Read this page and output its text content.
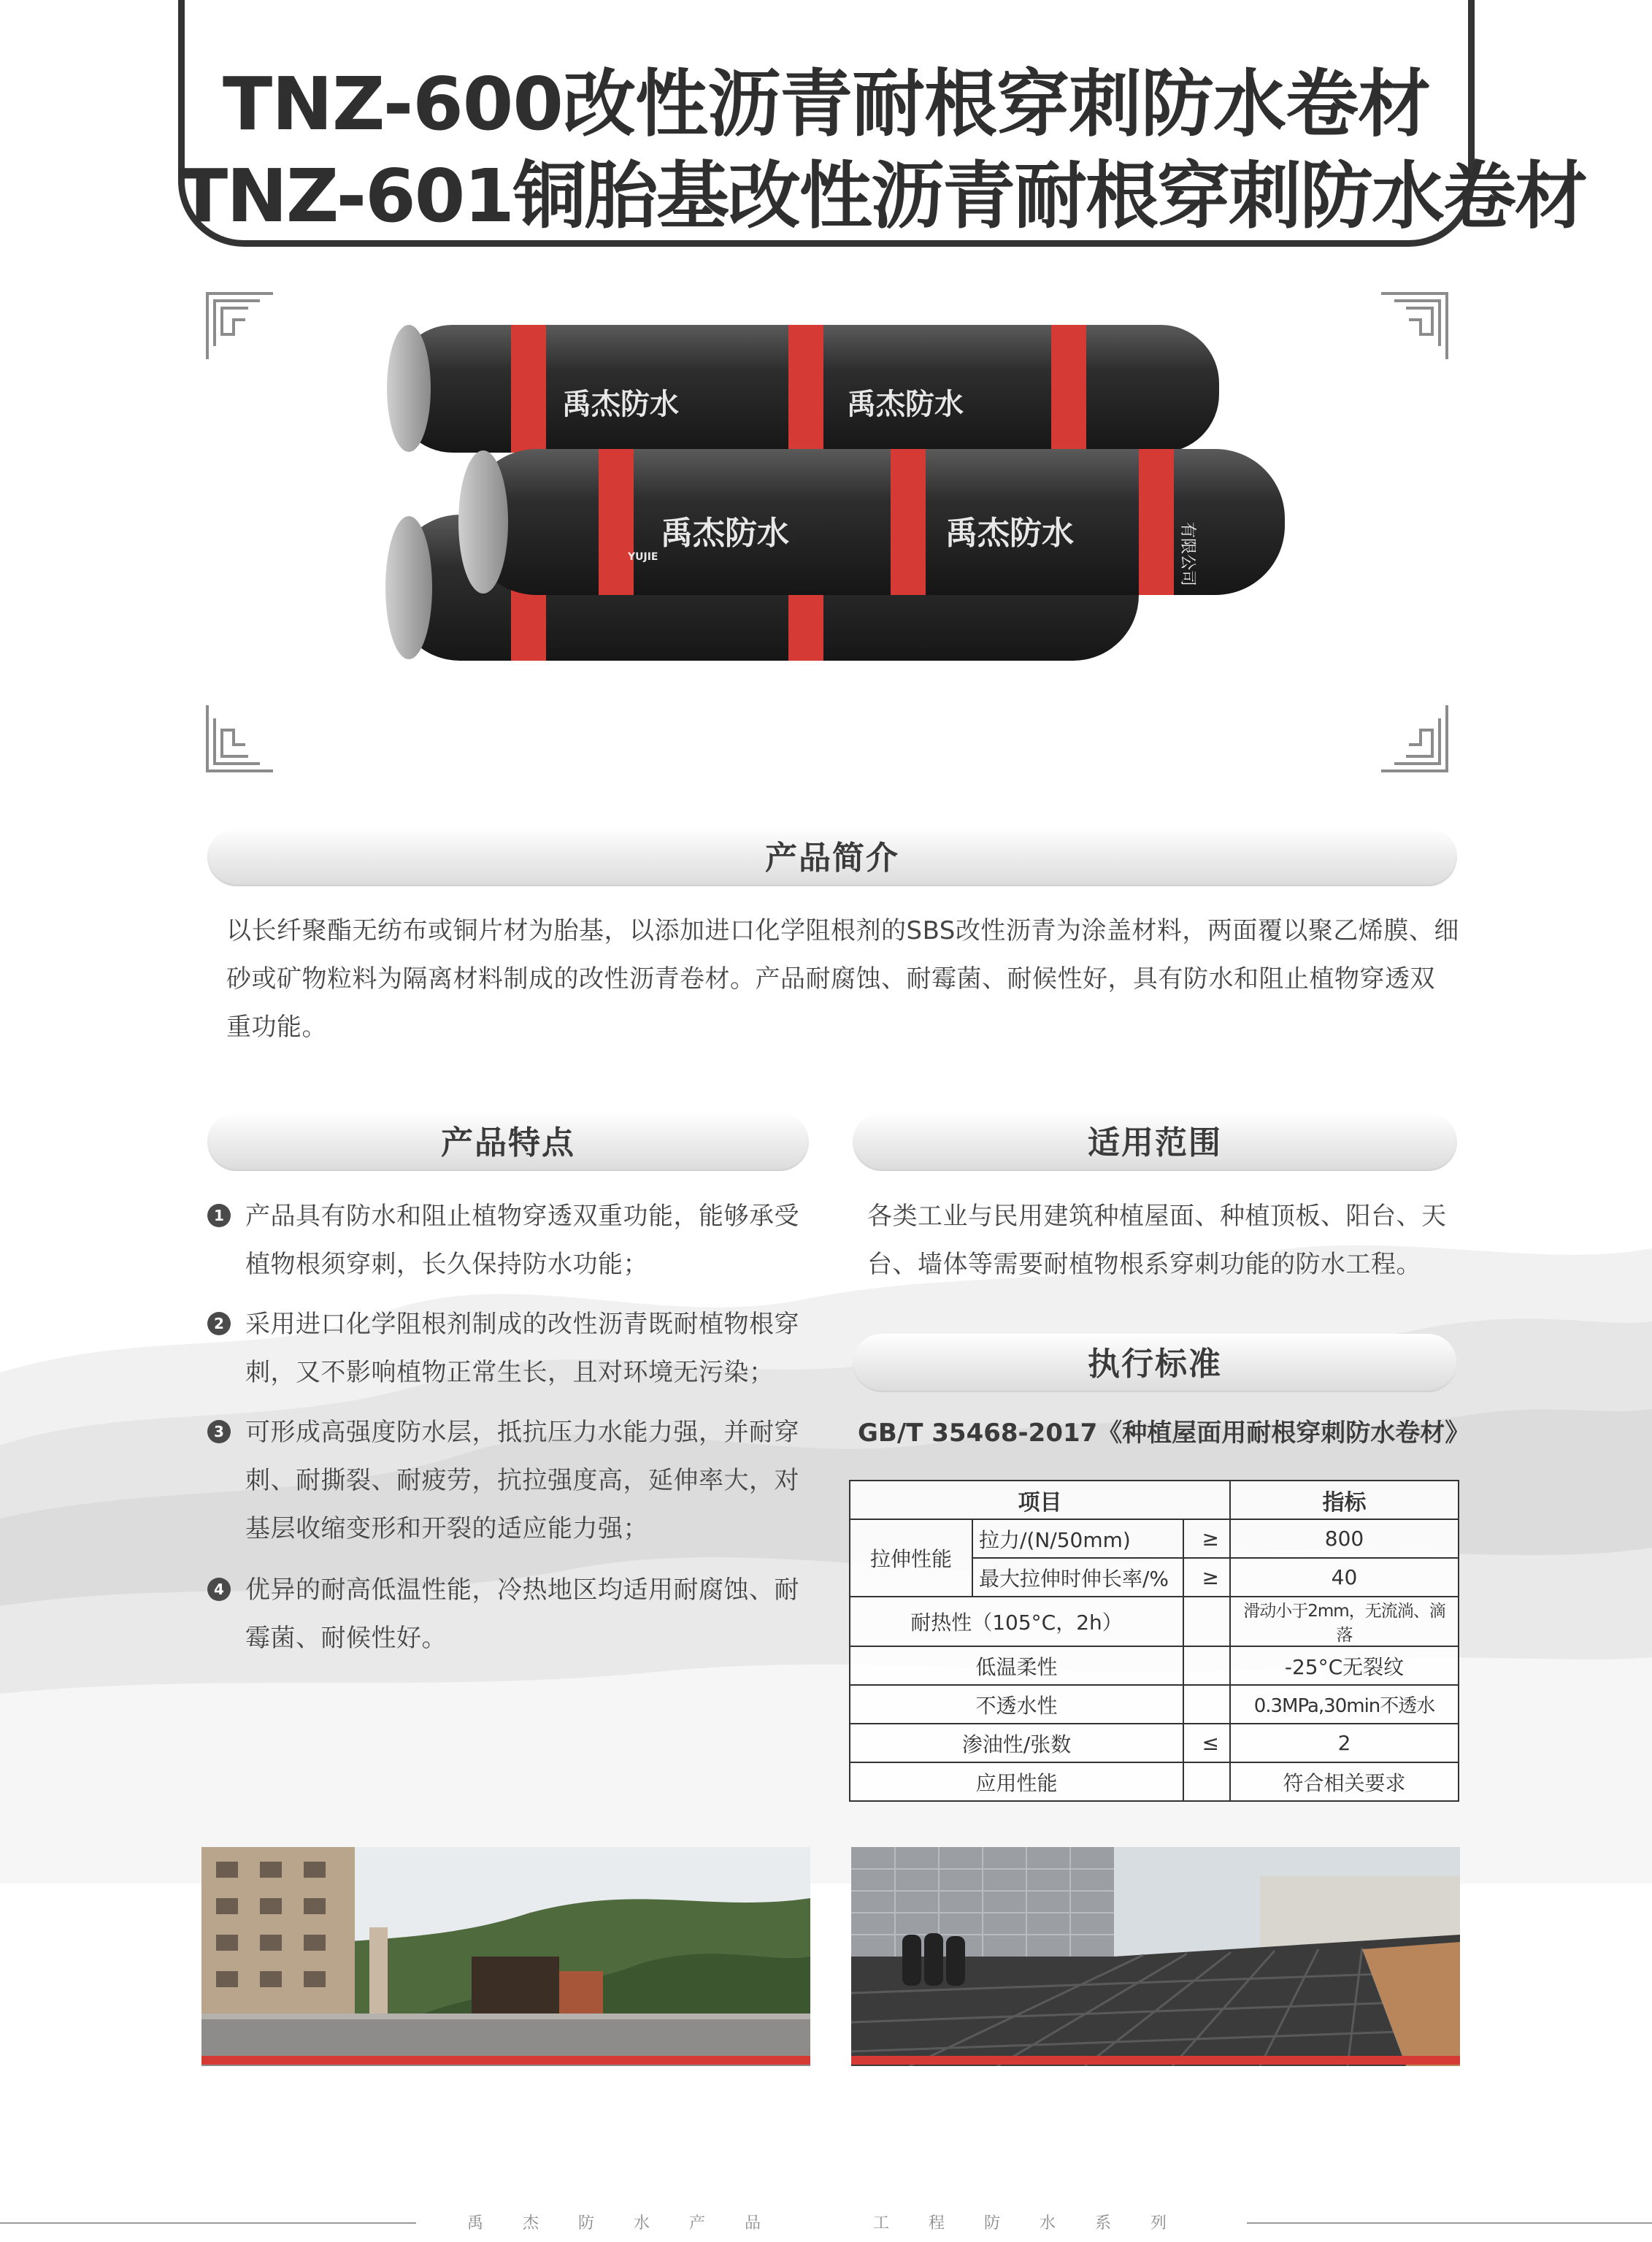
TNZ-600改性沥青耐根穿刺防水卷材
TNZ-601铜胎基改性沥青耐根穿刺防水卷材
禹杰防水	禹杰防水
禹杰防水	禹杰防水
YUJIE	有限公司
产品简介
以长纤聚酯无纺布或铜片材为胎基，以添加进口化学阻根剂的SBS改性沥青为涂盖材料，两面覆以聚乙烯膜、细砂或矿物粒料为隔离材料制成的改性沥青卷材。产品耐腐蚀、耐霉菌、耐候性好，具有防水和阻止植物穿透双重功能。
产品特点
1 产品具有防水和阻止植物穿透双重功能，能够承受植物根须穿刺，长久保持防水功能；
2 采用进口化学阻根剂制成的改性沥青既耐植物根穿刺，又不影响植物正常生长，且对环境无污染；
3 可形成高强度防水层，抵抗压力水能力强，并耐穿刺、耐撕裂、耐疲劳，抗拉强度高，延伸率大，对基层收缩变形和开裂的适应能力强；
4 优异的耐高低温性能，冷热地区均适用耐腐蚀、耐霉菌、耐候性好。
适用范围
各类工业与民用建筑种植屋面、种植顶板、阳台、天台、墙体等需要耐植物根系穿刺功能的防水工程。
执行标准
GB/T 35468-2017《种植屋面用耐根穿刺防水卷材》
项目			指标
拉伸性能	拉力/(N/50mm)	≥	800
	最大拉伸时伸长率/%	≥	40
耐热性（105°C，2h）			滑动小于2mm，无流淌、滴落
低温柔性			-25°C无裂纹
不透水性			0.3MPa,30min不透水
渗油性/张数		≤	2
应用性能			符合相关要求
禹杰防水产品	工程防水系列
